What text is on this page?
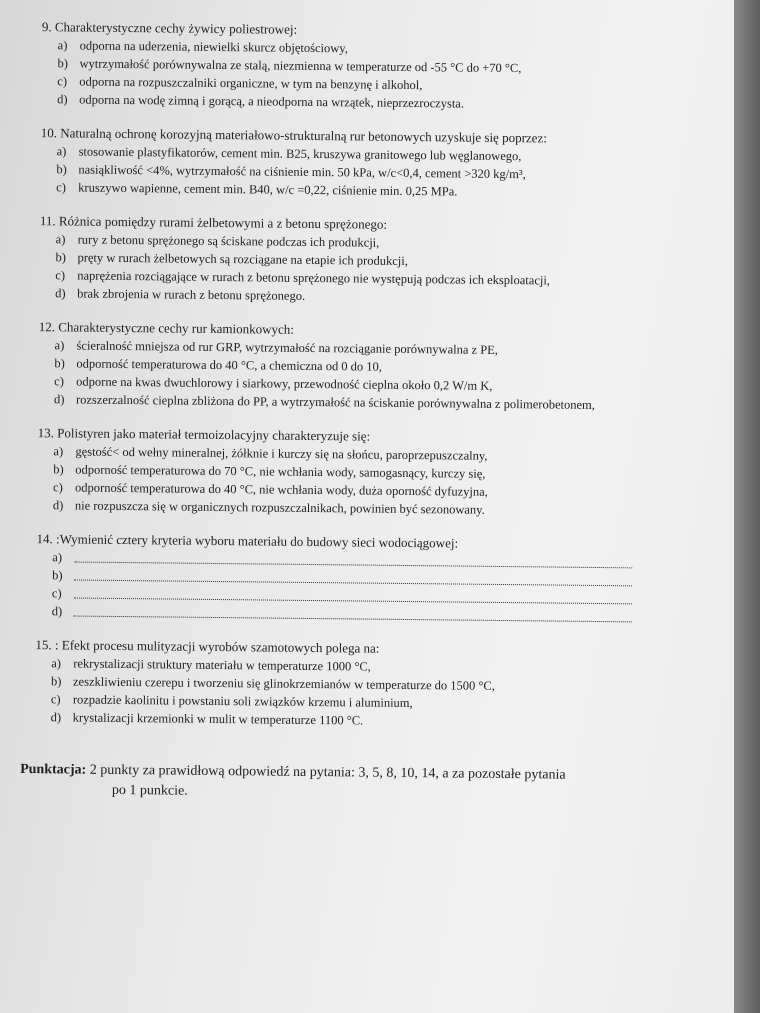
9. Charakterystyczne cechy żywicy poliestrowej:
a) odporna na uderzenia, niewielki skurcz objętościowy,
b) wytrzymałość porównywalna ze stalą, niezmienna w temperaturze od -55 °C do +70 °C,
c) odporna na rozpuszczalniki organiczne, w tym na benzynę i alkohol,
d) odporna na wodę zimną i gorącą, a nieodporna na wrzątek, nieprzezroczysta.
10. Naturalną ochronę korozyjną materiałowo-strukturalną rur betonowych uzyskuje się poprzez:
a) stosowanie plastyfikatorów, cement min. B25, kruszywa granitowego lub węglanowego,
b) nasiąkliwość <4%, wytrzymałość na ciśnienie min. 50 kPa, w/c<0,4, cement >320 kg/m³,
c) kruszywo wapienne, cement min. B40, w/c =0,22, ciśnienie min. 0,25 MPa.
11. Różnica pomiędzy rurami żelbetowymi a z betonu sprężonego:
a) rury z betonu sprężonego są ściskane podczas ich produkcji,
b) pręty w rurach żelbetowych są rozciągane na etapie ich produkcji,
c) naprężenia rozciągające w rurach z betonu sprężonego nie występują podczas ich eksploatacji,
d) brak zbrojenia w rurach z betonu sprężonego.
12. Charakterystyczne cechy rur kamionkowych:
a) ścieralność mniejsza od rur GRP, wytrzymałość na rozciąganie porównywalna z PE,
b) odporność temperaturowa do 40 °C, a chemiczna od 0 do 10,
c) odporne na kwas dwuchlorowy i siarkowy, przewodność cieplna około 0,2 W/m K,
d) rozszerzalność cieplna zbliżona do PP, a wytrzymałość na ściskanie porównywalna z polimerobetonem,
13. Polistyren jako materiał termoizolacyjny charakteryzuje się:
a) gęstość< od wełny mineralnej, żółknie i kurczy się na słońcu, paroprzepuszczalny,
b) odporność temperaturowa do 70 °C, nie wchłania wody, samogasnący, kurczy się,
c) odporność temperaturowa do 40 °C, nie wchłania wody, duża oporność dyfuzyjna,
d) nie rozpuszcza się w organicznych rozpuszczalnikach, powinien być sezonowany.
14. :Wymienić cztery kryteria wyboru materiału do budowy sieci wodociągowej:
a)
b)
c)
d)
15. : Efekt procesu mulityzacji wyrobów szamotowych polega na:
a) rekrystalizacji struktury materiału w temperaturze 1000 °C,
b) zeszkliwieniu czerepu i tworzeniu się glinokrzemianów w temperaturze do 1500 °C,
c) rozpadzie kaolinitu i powstaniu soli związków krzemu i aluminium,
d) krystalizacji krzemionki w mulit w temperaturze 1100 °C.
Punktacja: 2 punkty za prawidłową odpowiedź na pytania: 3, 5, 8, 10, 14, a za pozostałe pytania
po 1 punkcie.
